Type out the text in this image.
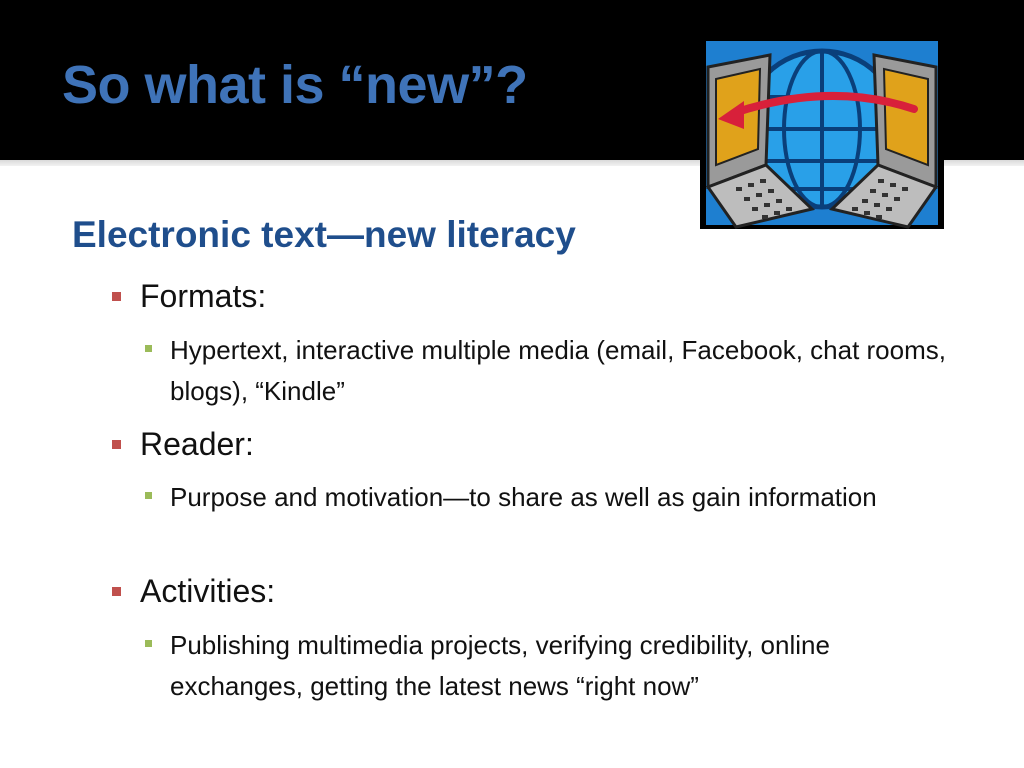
So what is “new”?
Electronic text—new literacy
Formats:
Hypertext, interactive multiple media (email, Facebook, chat rooms, blogs), “Kindle”
Reader:
Purpose and motivation—to share as well as gain information
Activities:
Publishing multimedia projects, verifying credibility, online exchanges, getting the latest news “right now”
